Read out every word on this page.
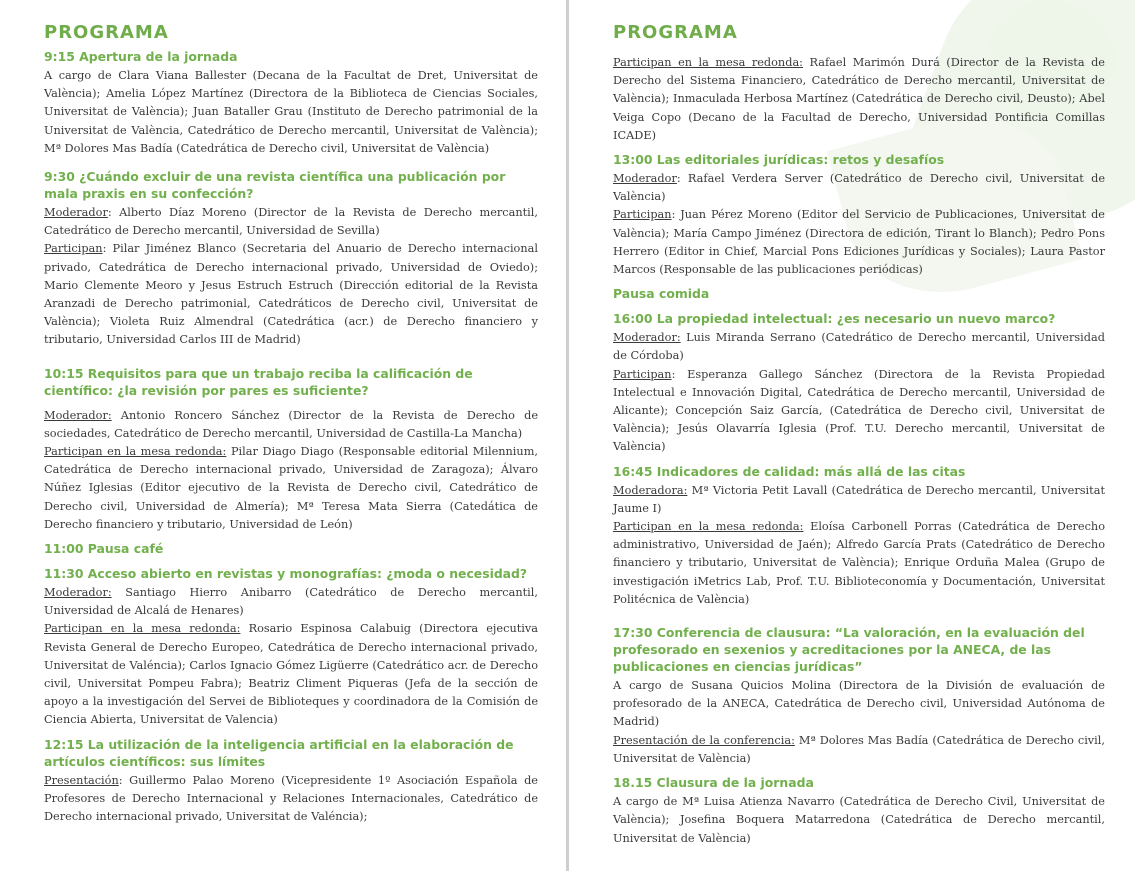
PROGRAMA
9:15 Apertura de la jornada

A cargo de Clara Viana Ballester (Decana de la Facultat de Dret, Universitat de València); Amelia López Martínez (Directora de la Biblioteca de Ciencias Sociales, Universitat de València); Juan Bataller Grau (Instituto de Derecho patrimonial de la Universitat de València, Catedrático de Derecho mercantil, Universitat de València); Mª Dolores Mas Badía (Catedrática de Derecho civil, Universitat de València)

9:30 ¿Cuándo excluir de una revista científica una publicación por mala praxis en su confección?

Moderador: Alberto Díaz Moreno (Director de la Revista de Derecho mercantil, Catedrático de Derecho mercantil, Universidad de Sevilla)

Participan: Pilar Jiménez Blanco (Secretaria del Anuario de Derecho internacional privado, Catedrática de Derecho internacional privado, Universidad de Oviedo); Mario Clemente Meoro y Jesus Estruch Estruch (Dirección editorial de la Revista Aranzadi de Derecho patrimonial, Catedráticos de Derecho civil, Universitat de València); Violeta Ruiz Almendral (Catedrática (acr.) de Derecho financiero y tributario, Universidad Carlos III de Madrid)

10:15 Requisitos para que un trabajo reciba la calificación de científico: ¿la revisión por pares es suficiente?

Moderador: Antonio Roncero Sánchez (Director de la Revista de Derecho de sociedades, Catedrático de Derecho mercantil, Universidad de Castilla-La Mancha)

Participan en la mesa redonda: Pilar Diago Diago (Responsable editorial Milennium, Catedrática de Derecho internacional privado, Universidad de Zaragoza); Álvaro Núñez Iglesias (Editor ejecutivo de la Revista de Derecho civil, Catedrático de Derecho civil, Universidad de Almería); Mª Teresa Mata Sierra (Catedática de Derecho financiero y tributario, Universidad de León)

11:00 Pausa café
11:30 Acceso abierto en revistas y monografías: ¿moda o necesidad?

Moderador: Santiago Hierro Anibarro (Catedrático de Derecho mercantil, Universidad de Alcalá de Henares)

Participan en la mesa redonda: Rosario Espinosa Calabuig (Directora ejecutiva Revista General de Derecho Europeo, Catedrática de Derecho internacional privado, Universitat de Valéncia); Carlos Ignacio Gómez Ligüerre (Catedrático acr. de Derecho civil, Universitat Pompeu Fabra); Beatriz Climent Piqueras (Jefa de la sección de apoyo a la investigación del Servei de Biblioteques y coordinadora de la Comisión de Ciencia Abierta, Universitat de Valencia)

12:15 La utilización de la inteligencia artificial en la elaboración de artículos científicos: sus límites

Presentación: Guillermo Palao Moreno (Vicepresidente 1º Asociación Española de Profesores de Derecho Internacional y Relaciones Internacionales, Catedrático de Derecho internacional privado, Universitat de Valéncia);

PROGRAMA

Participan en la mesa redonda: Rafael Marimón Durá (Director de la Revista de Derecho del Sistema Financiero, Catedrático de Derecho mercantil, Universitat de València); Inmaculada Herbosa Martínez (Catedrática de Derecho civil, Deusto); Abel Veiga Copo (Decano de la Facultad de Derecho, Universidad Pontificia Comillas ICADE)

13:00 Las editoriales jurídicas: retos y desafíos

Moderador: Rafael Verdera Server (Catedrático de Derecho civil, Universitat de València)

Participan: Juan Pérez Moreno (Editor del Servicio de Publicaciones, Universitat de València); María Campo Jiménez (Directora de edición, Tirant lo Blanch); Pedro Pons Herrero (Editor in Chief, Marcial Pons Ediciones Jurídicas y Sociales); Laura Pastor Marcos (Responsable de las publicaciones periódicas)

Pausa comida
16:00 La propiedad intelectual: ¿es necesario un nuevo marco?

Moderador: Luis Miranda Serrano (Catedrático de Derecho mercantil, Universidad de Córdoba)

Participan: Esperanza Gallego Sánchez (Directora de la Revista Propiedad Intelectual e Innovación Digital, Catedrática de Derecho mercantil, Universidad de Alicante); Concepción Saiz García, (Catedrática de Derecho civil, Universitat de València); Jesús Olavarría Iglesia (Prof. T.U. Derecho mercantil, Universitat de València)

16:45 Indicadores de calidad: más allá de las citas

Moderadora: Mª Victoria Petit Lavall (Catedrática de Derecho mercantil, Universitat Jaume I)

Participan en la mesa redonda: Eloísa Carbonell Porras (Catedrática de Derecho administrativo, Universidad de Jaén); Alfredo García Prats (Catedrático de Derecho financiero y tributario, Universitat de València); Enrique Orduña Malea (Grupo de investigación iMetrics Lab, Prof. T.U. Biblioteconomía y Documentación, Universitat Politécnica de València)

17:30 Conferencia de clausura: “La valoración, en la evaluación del profesorado en sexenios y acreditaciones por la ANECA, de las publicaciones en ciencias jurídicas”

A cargo de Susana Quicios Molina (Directora de la División de evaluación de profesorado de la ANECA, Catedrática de Derecho civil, Universidad Autónoma de Madrid)

Presentación de la conferencia: Mª Dolores Mas Badía (Catedrática de Derecho civil, Universitat de València)

18.15 Clausura de la jornada

A cargo de Mª Luisa Atienza Navarro (Catedrática de Derecho Civil, Universitat de València); Josefina Boquera Matarredona (Catedrática de Derecho mercantil, Universitat de València)
